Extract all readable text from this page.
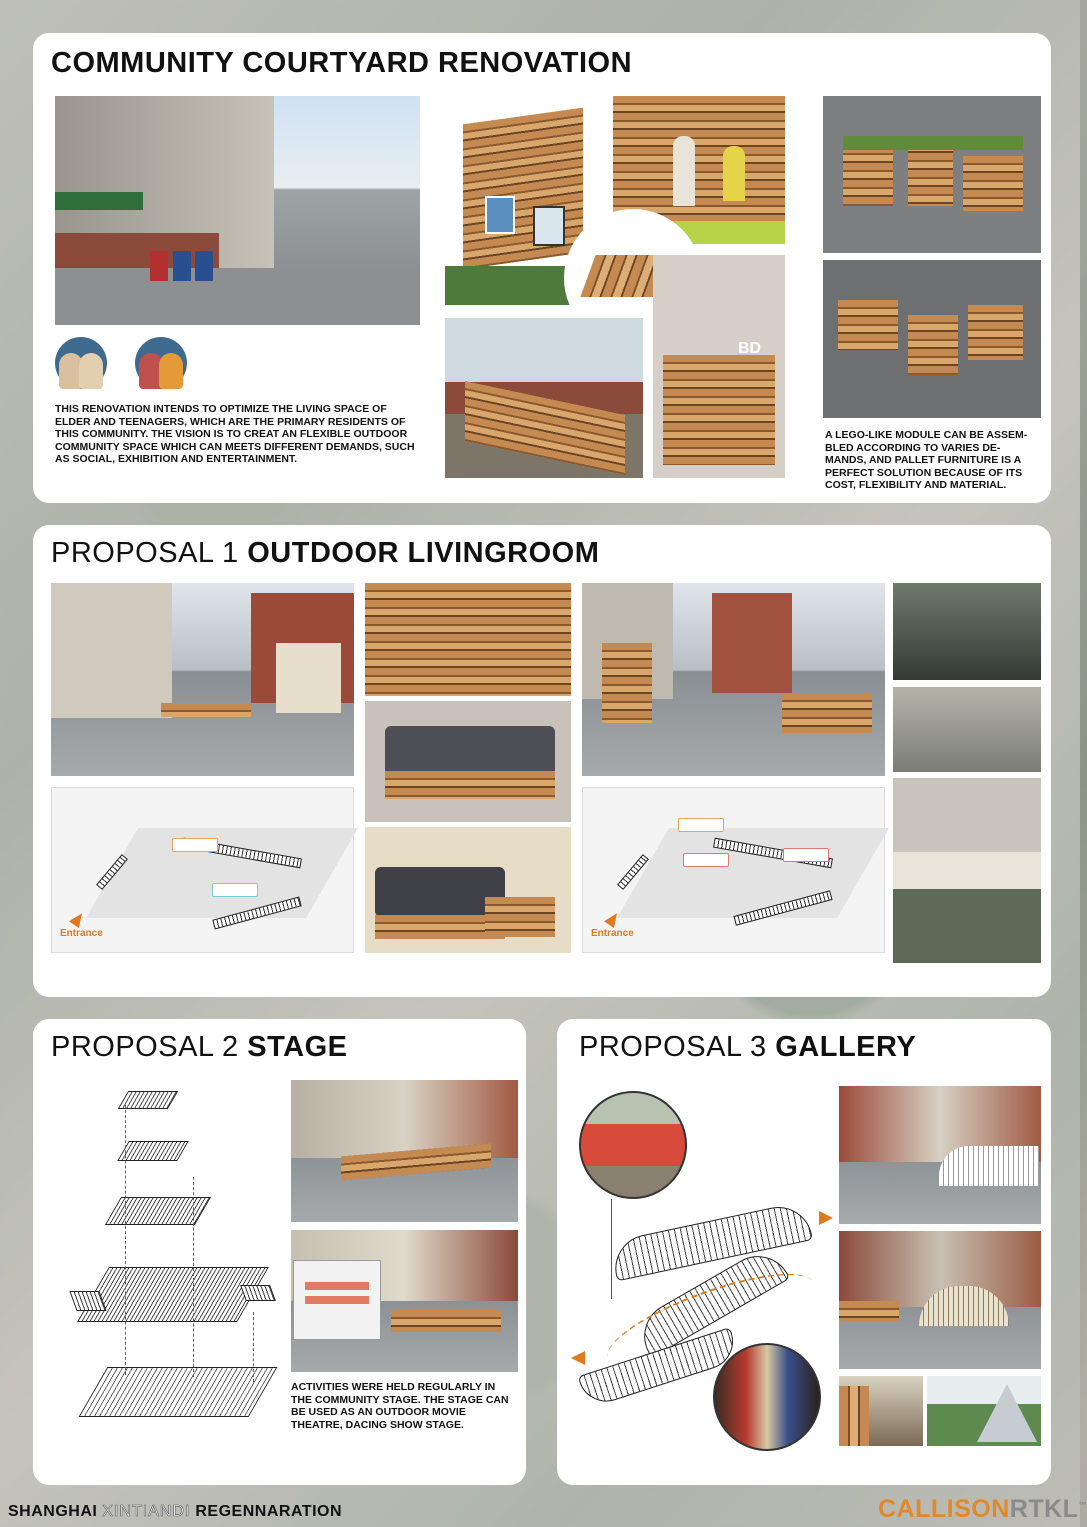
COMMUNITY COURTYARD RENOVATION
THIS RENOVATION INTENDS TO OPTIMIZE THE LIVING SPACE OF ELDER AND TEENAGERS, WHICH ARE THE PRIMARY RESIDENTS OF THIS COMMUNITY. THE VISION IS TO CREAT AN FLEXIBLE OUTDOOR COMMUNITY SPACE WHICH CAN MEETS DIFFERENT DEMANDS, SUCH AS SOCIAL, EXHIBITION AND ENTERTAINMENT.
BD
A LEGO-LIKE MODULE CAN BE ASSEM-BLED ACCORDING TO VARIES DE-MANDS, AND PALLET FURNITURE IS A PERFECT SOLUTION BECAUSE OF ITS COST, FLEXIBILITY AND MATERIAL.
PROPOSAL 1 OUTDOOR LIVINGROOM
Entrance	Entrance
PROPOSAL 2 STAGE
ACTIVITIES WERE HELD REGULARLY IN THE COMMUNITY STAGE. THE STAGE CAN BE USED AS AN OUTDOOR MOVIE THEATRE, DACING SHOW STAGE.
PROPOSAL 3 GALLERY
SHANGHAI XINTIANDI REGENNARATION	CALLISONRTKL™
